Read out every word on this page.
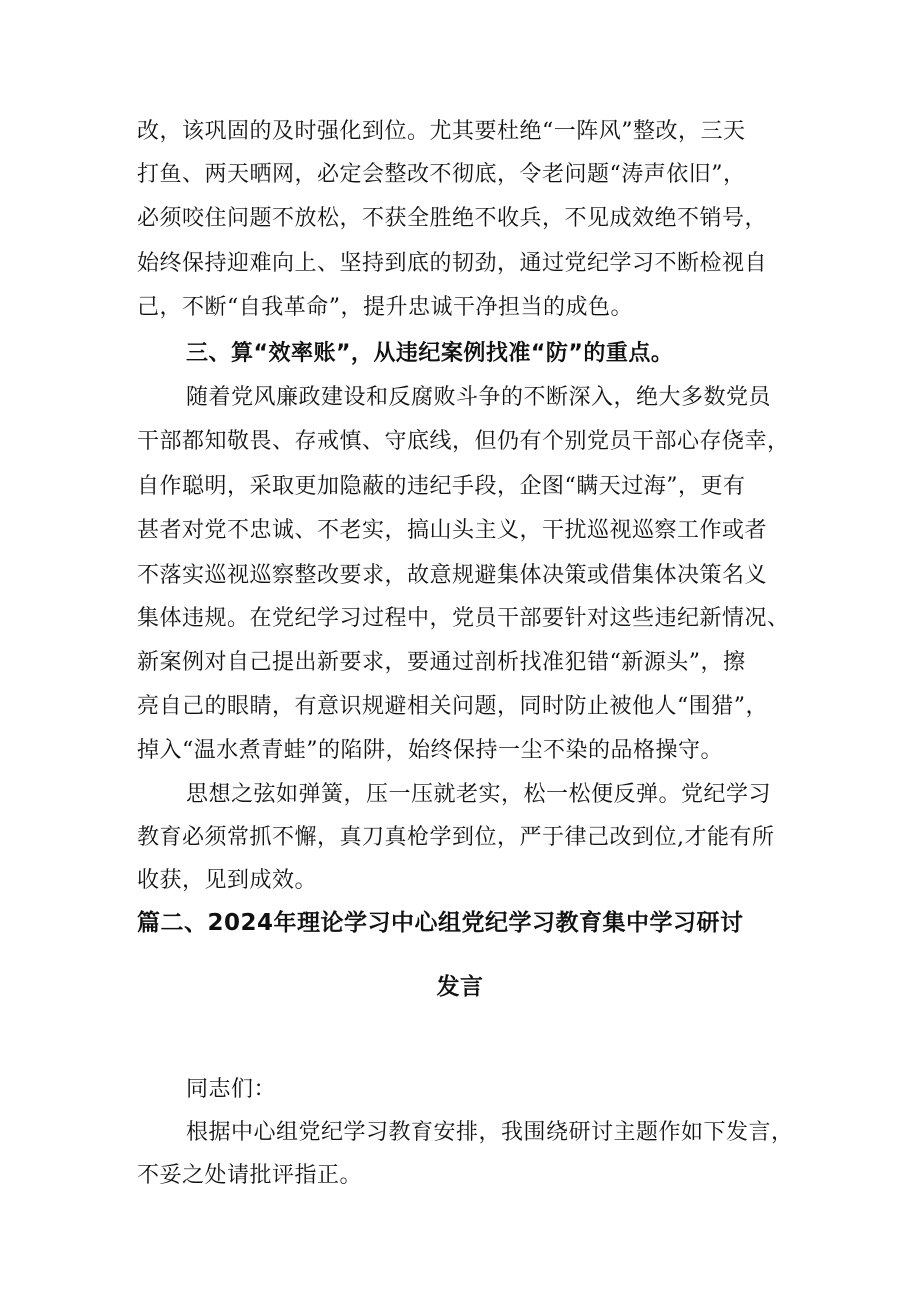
改，该巩固的及时强化到位。尤其要杜绝“一阵风”整改，三天
打鱼、两天晒网，必定会整改不彻底，令老问题“涛声依旧”，
必须咬住问题不放松，不获全胜绝不收兵，不见成效绝不销号，
始终保持迎难向上、坚持到底的韧劲，通过党纪学习不断检视自
己，不断“自我革命”，提升忠诚干净担当的成色。
三、算“效率账”，从违纪案例找准“防”的重点。
随着党风廉政建设和反腐败斗争的不断深入，绝大多数党员
干部都知敬畏、存戒慎、守底线，但仍有个别党员干部心存侥幸，
自作聪明，采取更加隐蔽的违纪手段，企图“瞒天过海”，更有
甚者对党不忠诚、不老实，搞山头主义，干扰巡视巡察工作或者
不落实巡视巡察整改要求，故意规避集体决策或借集体决策名义
集体违规。在党纪学习过程中，党员干部要针对这些违纪新情况、
新案例对自己提出新要求，要通过剖析找准犯错“新源头”，擦
亮自己的眼睛，有意识规避相关问题，同时防止被他人“围猎”，
掉入“温水煮青蛙”的陷阱，始终保持一尘不染的品格操守。
思想之弦如弹簧，压一压就老实，松一松便反弹。党纪学习
教育必须常抓不懈，真刀真枪学到位，严于律己改到位,才能有所
收获，见到成效。
篇二、2024年理论学习中心组党纪学习教育集中学习研讨
发言
同志们：
根据中心组党纪学习教育安排，我围绕研讨主题作如下发言，
不妥之处请批评指正。
